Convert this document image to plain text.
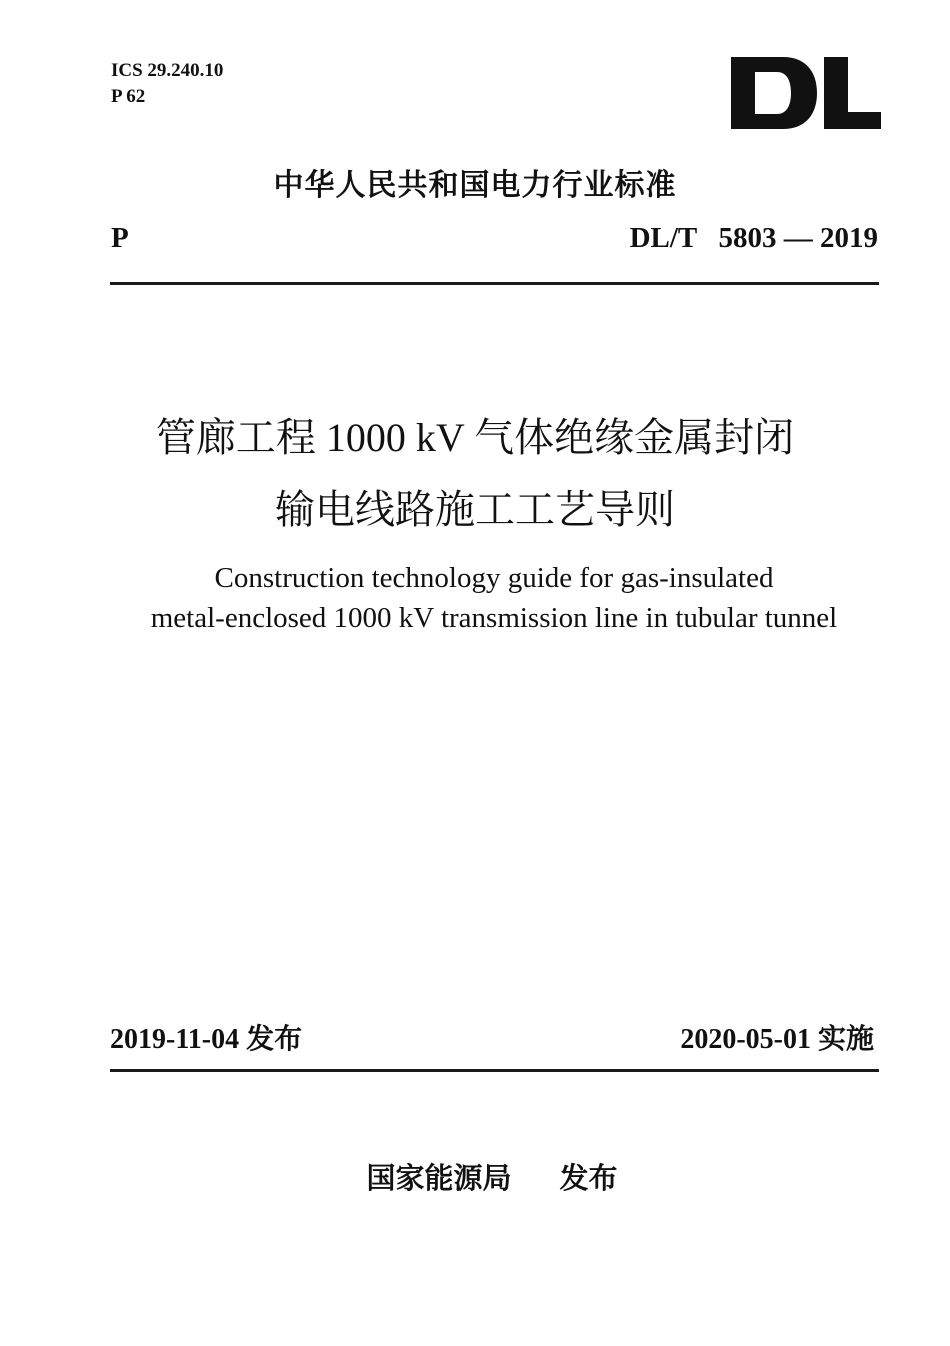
ICS 29.240.10
P 62
中华人民共和国电力行业标准
P	DL/T   5803 — 2019
管廊工程 1000 kV 气体绝缘金属封闭
输电线路施工工艺导则
Construction technology guide for gas-insulated
metal-enclosed 1000 kV transmission line in tubular tunnel
2019-11-04 发布	2020-05-01 实施
国家能源局 发布
